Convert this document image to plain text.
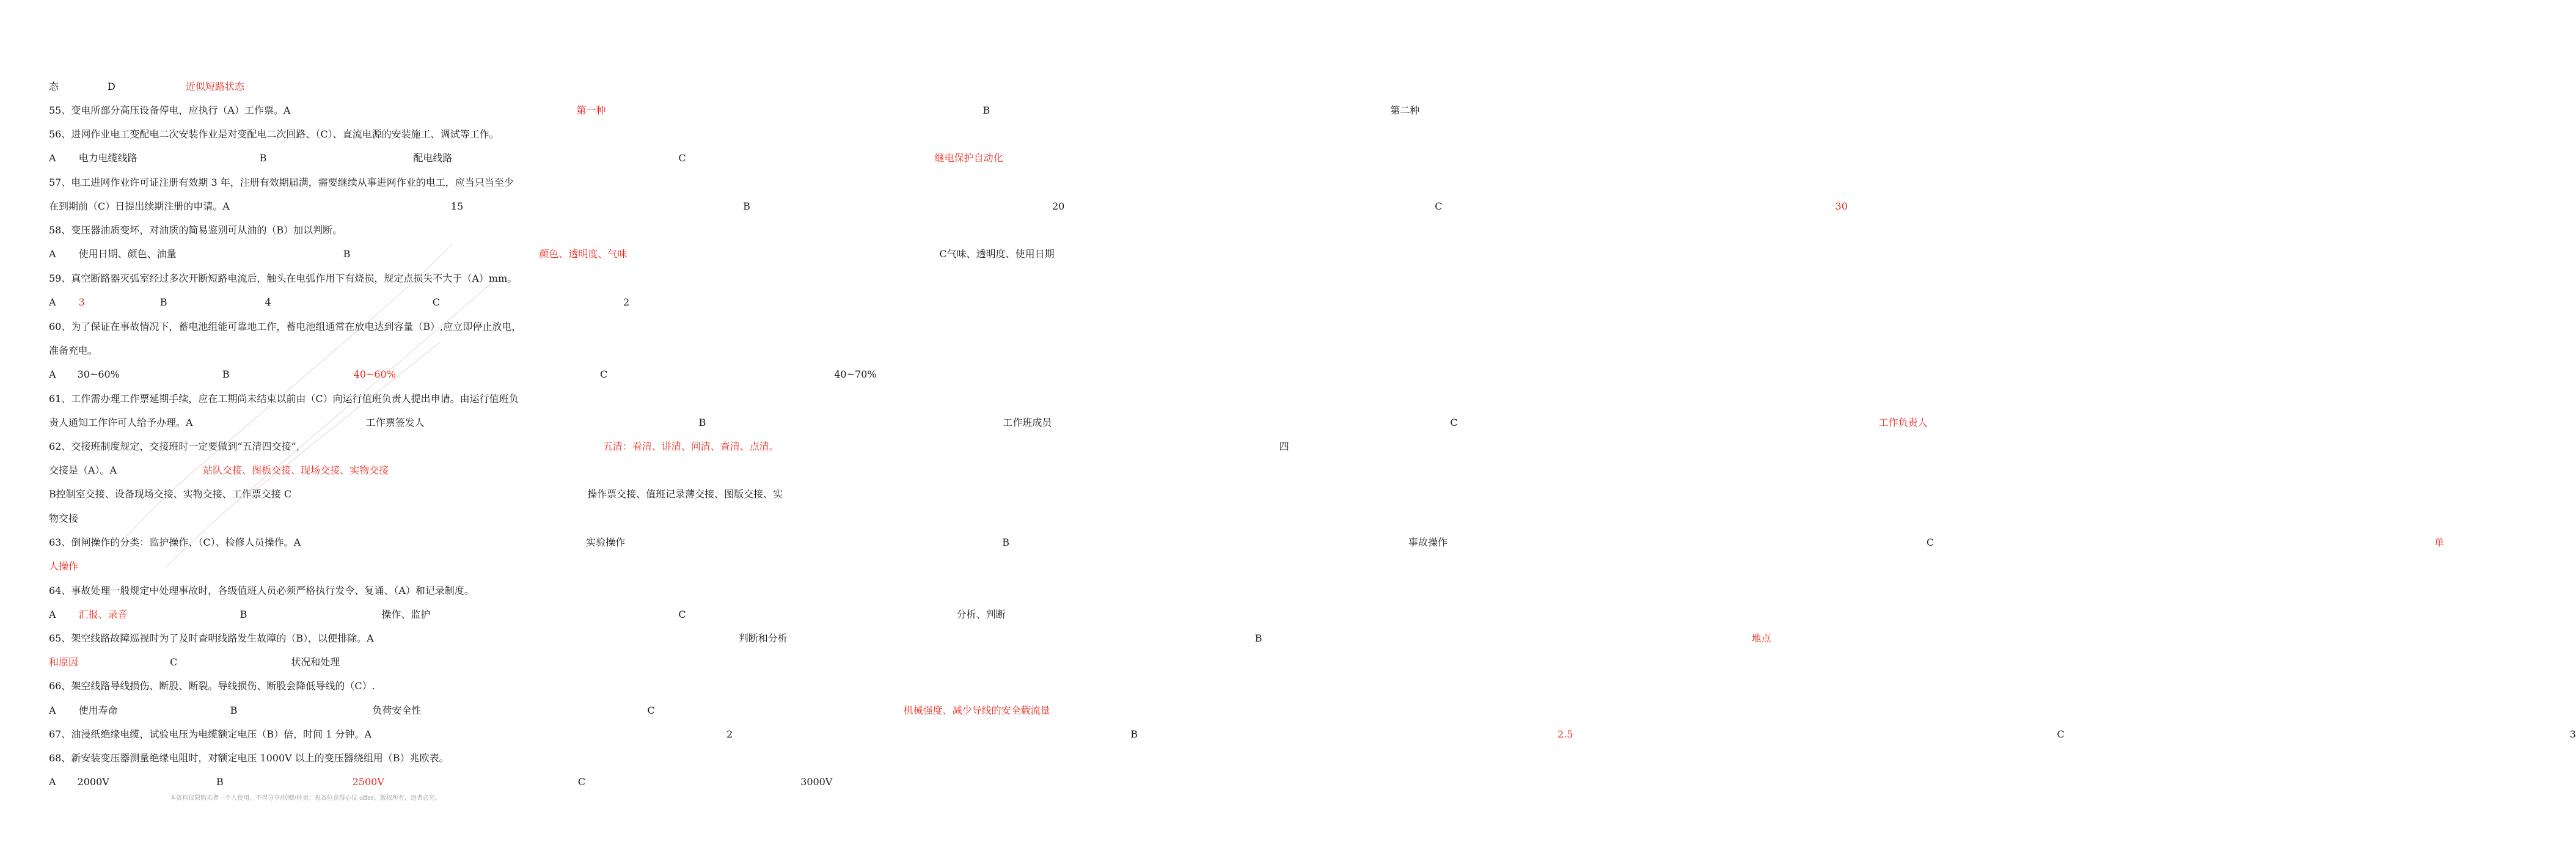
态	D	近似短路状态
55、变电所部分高压设备停电，应执行（A）工作票。A	第一种	B	第二种
56、进网作业电工变配电二次安装作业是对变配电二次回路、（C）、直流电源的安装施工、调试等工作。
A 电力电缆线路	B	配电线路	C	继电保护自动化
57、电工进网作业许可证注册有效期 3 年，注册有效期届满，需要继续从事进网作业的电工，应当只当至少
在到期前（C）日提出续期注册的申请。A	15	B	20	C	30
58、变压器油质变坏，对油质的简易鉴别可从油的（B）加以判断。
A 使用日期、颜色、油量	B	颜色、透明度、气味	C气味、透明度、使用日期
59、真空断路器灭弧室经过多次开断短路电流后，触头在电弧作用下有烧损，规定点损失不大于（A）mm。
A 3	B	4	C	2
60、为了保证在事故情况下，蓄电池组能可靠地工作，蓄电池组通常在放电达到容量（B）,应立即停止放电，
准备充电。
A 30~60%	B	40~60%	C	40~70%
61、工作需办理工作票延期手续，应在工期尚未结束以前由（C）向运行值班负责人提出申请。由运行值班负
责人通知工作许可人给予办理。A	工作票签发人	B	工作班成员	C	工作负责人
62、交接班制度规定，交接班时一定要做到“五清四交接”，	五清：看清、讲清、问清、查清、点清。	四
交接是（A）。A	站队交接、图板交接、现场交接、实物交接
B控制室交接、设备现场交接、实物交接、工作票交接 C	操作票交接、值班记录薄交接、图版交接、实
物交接
63、倒闸操作的分类：监护操作、（C）、检修人员操作。A	实验操作	B	事故操作	C	单
人操作
64、事故处理一般规定中处理事故时，各级值班人员必须严格执行发令、复诵、（A）和记录制度。
A 汇报、录音	B	操作、监护	C	分析、判断
65、架空线路故障巡视时为了及时查明线路发生故障的（B），以便排除。A	判断和分析	B	地点
和原因	C	状况和处理
66、架空线路导线损伤、断股、断裂。导线损伤、断股会降低导线的（C）.
A 使用寿命	B	负荷安全性	C	机械强度、减少导线的安全载流量
67、油浸纸绝缘电缆，试验电压为电缆额定电压（B）倍，时间 1 分钟。A	2	B	2.5	C	3
68、新安装变压器测量绝缘电阻时，对额定电压 1000V 以上的变压器绕组用（B）兆欧表。
A 2000V	B	2500V	C	3000V
本资料仅限购买者一个人使用，不得分享/转赠/转卖；祝各位获得心仪 offer。版权所有，违者必究。
